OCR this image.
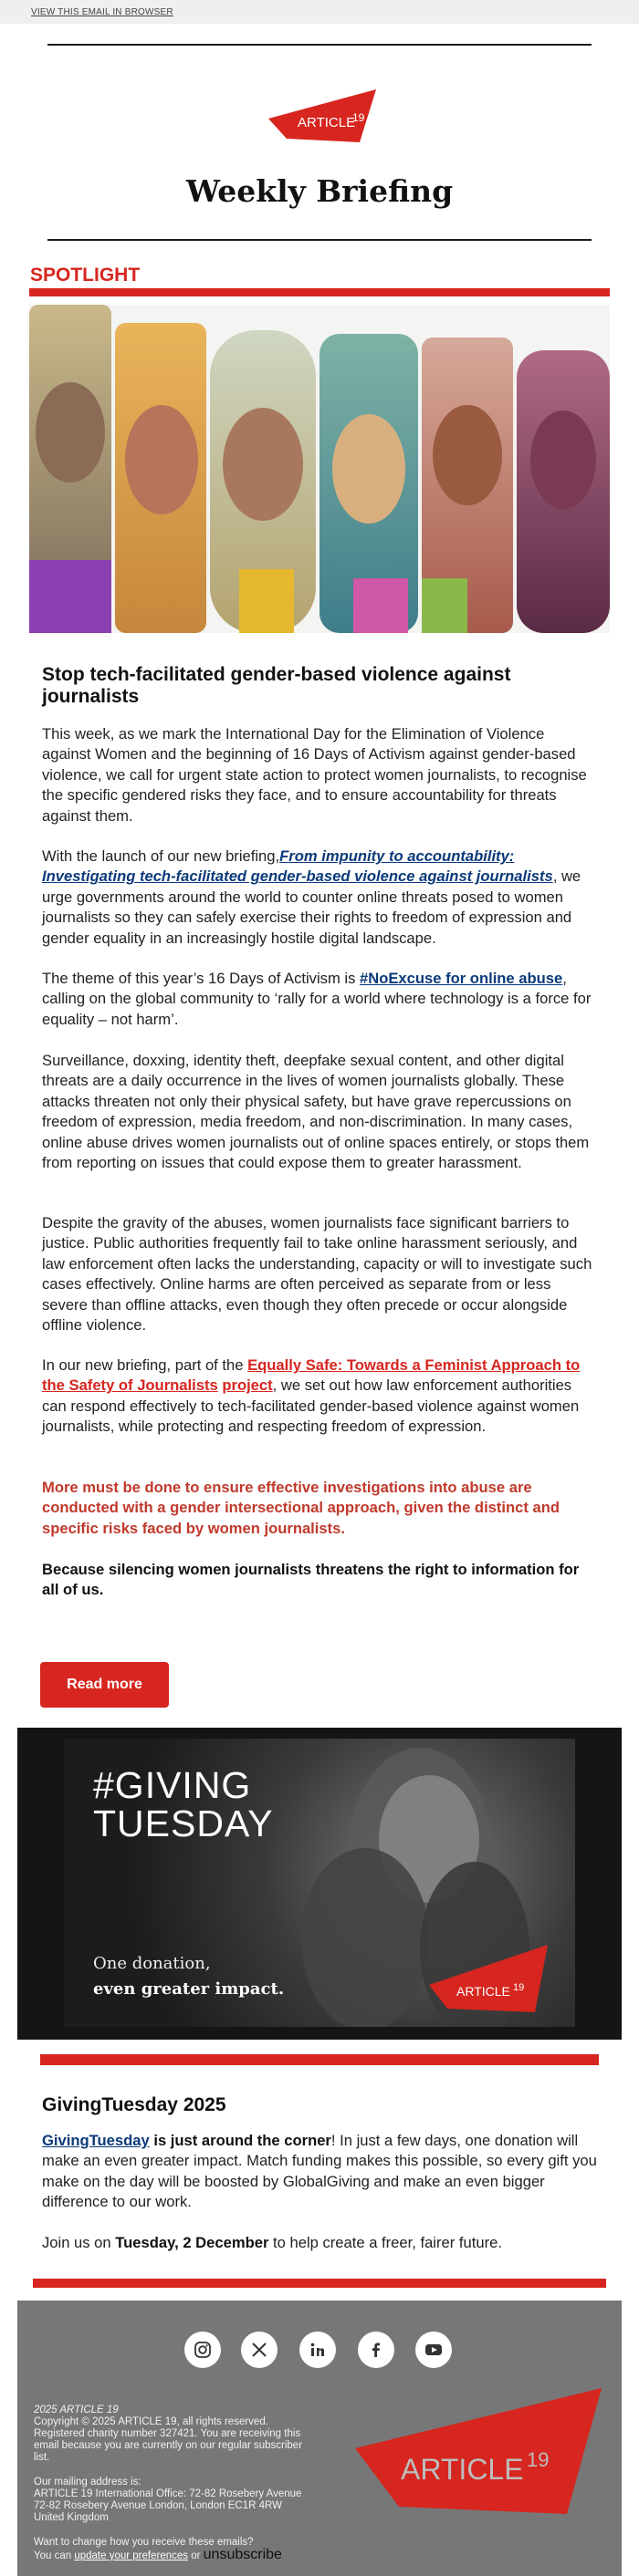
VIEW THIS EMAIL IN BROWSER
ARTICLE
19
Weekly Briefing
SPOTLIGHT
Stop tech-facilitated gender-based violence against journalists

This week, as we mark the International Day for the Elimination of Violence against Women and the beginning of 16 Days of Activism against gender-based violence, we call for urgent state action to protect women journalists, to recognise the specific gendered risks they face, and to ensure accountability for threats against them.

With the launch of our new briefing,From impunity to accountability: Investigating tech-facilitated gender-based violence against journalists, we urge governments around the world to counter online threats posed to women journalists so they can safely exercise their rights to freedom of expression and gender equality in an increasingly hostile digital landscape.

The theme of this year’s 16 Days of Activism is #NoExcuse for online abuse, calling on the global community to ‘rally for a world where technology is a force for equality – not harm’.

Surveillance, doxxing, identity theft, deepfake sexual content, and other digital threats are a daily occurrence in the lives of women journalists globally. These attacks threaten not only their physical safety, but have grave repercussions on freedom of expression, media freedom, and non-discrimination. In many cases, online abuse drives women journalists out of online spaces entirely, or stops them from reporting on issues that could expose them to greater harassment.

Despite the gravity of the abuses, women journalists face significant barriers to justice. Public authorities frequently fail to take online harassment seriously, and law enforcement often lacks the understanding, capacity or will to investigate such cases effectively. Online harms are often perceived as separate from or less severe than offline attacks, even though they often precede or occur alongside offline violence.

In our new briefing, part of the Equally Safe: Towards a Feminist Approach to the Safety of Journalists project, we set out how law enforcement authorities can respond effectively to tech-facilitated gender-based violence against women journalists, while protecting and respecting freedom of expression.

More must be done to ensure effective investigations into abuse are conducted with a gender intersectional approach, given the distinct and specific risks faced by women journalists.

Because silencing women journalists threatens the right to information for all of us.

Read more
ARTICLE 19
#GIVING
TUESDAY
One donation,
even greater impact.
GivingTuesday 2025

GivingTuesday is just around the corner! In just a few days, one donation will make an even greater impact. Match funding makes this possible, so every gift you make on the day will be boosted by GlobalGiving and make an even bigger difference to our work.

Join us on Tuesday, 2 December to help create a freer, fairer future.

2025 ARTICLE 19
Copyright © 2025 ARTICLE 19, all rights reserved.
Registered charity number 327421. You are receiving this email because you are currently on our regular subscriber list.
Our mailing address is:
ARTICLE 19 International Office: 72-82 Rosebery Avenue 72-82 Rosebery Avenue London, London EC1R 4RW United Kingdom
Want to change how you receive these emails?
You can update your preferences or unsubscribe
ARTICLE 19
